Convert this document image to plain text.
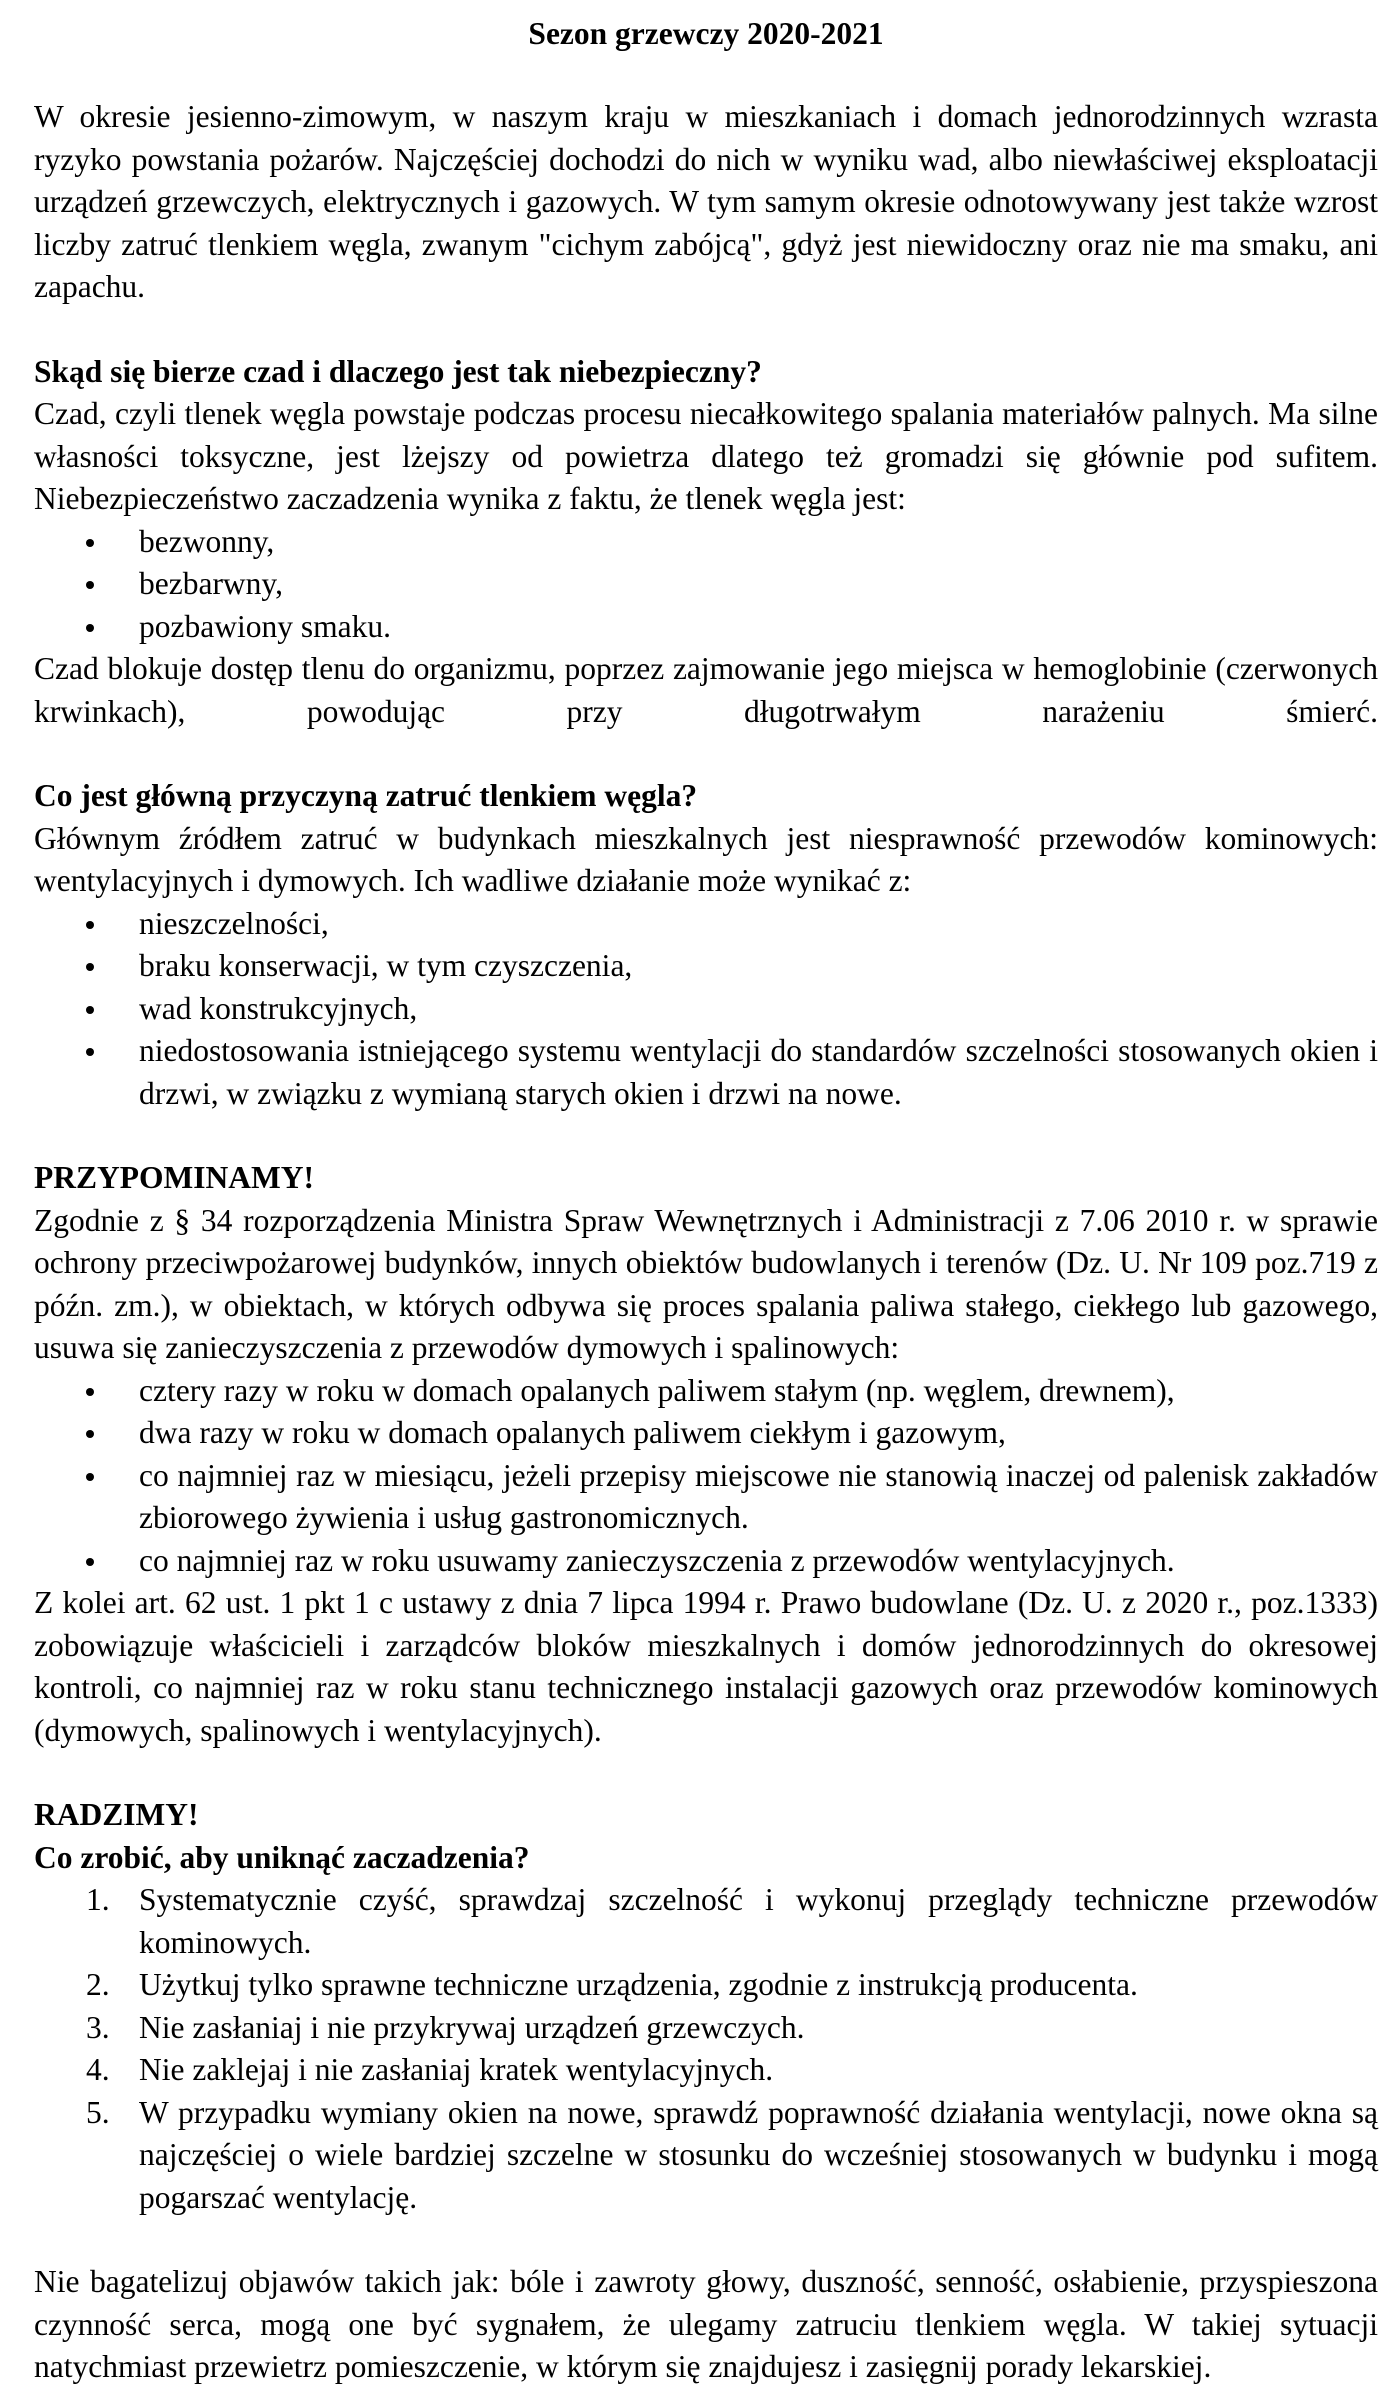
Sezon grzewczy 2020-2021

W okresie jesienno-zimowym, w naszym kraju w mieszkaniach i domach jednorodzinnych wzrasta ryzyko powstania pożarów. Najczęściej dochodzi do nich w wyniku wad, albo niewłaściwej eksploatacji urządzeń grzewczych, elektrycznych i gazowych. W tym samym okresie odnotowywany jest także wzrost liczby zatruć tlenkiem węgla, zwanym "cichym zabójcą", gdyż jest niewidoczny oraz nie ma smaku, ani zapachu.

Skąd się bierze czad i dlaczego jest tak niebezpieczny?

Czad, czyli tlenek węgla powstaje podczas procesu niecałkowitego spalania materiałów palnych. Ma silne własności toksyczne, jest lżejszy od powietrza dlatego też gromadzi się głównie pod sufitem. Niebezpieczeństwo zaczadzenia wynika z faktu, że tlenek węgla jest:

bezwonny,
bezbarwny,
pozbawiony smaku.

Czad blokuje dostęp tlenu do organizmu, poprzez zajmowanie jego miejsca w hemoglobinie (czerwonych krwinkach), powodując przy długotrwałym narażeniu śmierć.

Co jest główną przyczyną zatruć tlenkiem węgla?

Głównym źródłem zatruć w budynkach mieszkalnych jest niesprawność przewodów kominowych: wentylacyjnych i dymowych. Ich wadliwe działanie może wynikać z:

nieszczelności,
braku konserwacji, w tym czyszczenia,
wad konstrukcyjnych,
niedostosowania istniejącego systemu wentylacji do standardów szczelności stosowanych okien i drzwi, w związku z wymianą starych okien i drzwi na nowe.
PRZYPOMINAMY!

Zgodnie z § 34 rozporządzenia Ministra Spraw Wewnętrznych i Administracji z 7.06 2010 r. w sprawie ochrony przeciwpożarowej budynków, innych obiektów budowlanych i terenów (Dz. U. Nr 109 poz.719 z późn. zm.), w obiektach, w których odbywa się proces spalania paliwa stałego, ciekłego lub gazowego, usuwa się zanieczyszczenia z przewodów dymowych i spalinowych:

cztery razy w roku w domach opalanych paliwem stałym (np. węglem, drewnem),
dwa razy w roku w domach opalanych paliwem ciekłym i gazowym,
co najmniej raz w miesiącu, jeżeli przepisy miejscowe nie stanowią inaczej od palenisk zakładów zbiorowego żywienia i usług gastronomicznych.
co najmniej raz w roku usuwamy zanieczyszczenia z przewodów wentylacyjnych.

Z kolei art. 62 ust. 1 pkt 1 c ustawy z dnia 7 lipca 1994 r. Prawo budowlane (Dz. U. z 2020 r., poz.1333) zobowiązuje właścicieli i zarządców bloków mieszkalnych i domów jednorodzinnych do okresowej kontroli, co najmniej raz w roku stanu technicznego instalacji gazowych oraz przewodów kominowych (dymowych, spalinowych i wentylacyjnych).

RADZIMY!
Co zrobić, aby uniknąć zaczadzenia?
1. Systematycznie czyść, sprawdzaj szczelność i wykonuj przeglądy techniczne przewodów kominowych.
2. Użytkuj tylko sprawne techniczne urządzenia, zgodnie z instrukcją producenta.
3. Nie zasłaniaj i nie przykrywaj urządzeń grzewczych.
4. Nie zaklejaj i nie zasłaniaj kratek wentylacyjnych.
5. W przypadku wymiany okien na nowe, sprawdź poprawność działania wentylacji, nowe okna są najczęściej o wiele bardziej szczelne w stosunku do wcześniej stosowanych w budynku i mogą pogarszać wentylację.

Nie bagatelizuj objawów takich jak: bóle i zawroty głowy, duszność, senność, osłabienie, przyspieszona czynność serca, mogą one być sygnałem, że ulegamy zatruciu tlenkiem węgla. W takiej sytuacji natychmiast przewietrz pomieszczenie, w którym się znajdujesz i zasięgnij porady lekarskiej.
